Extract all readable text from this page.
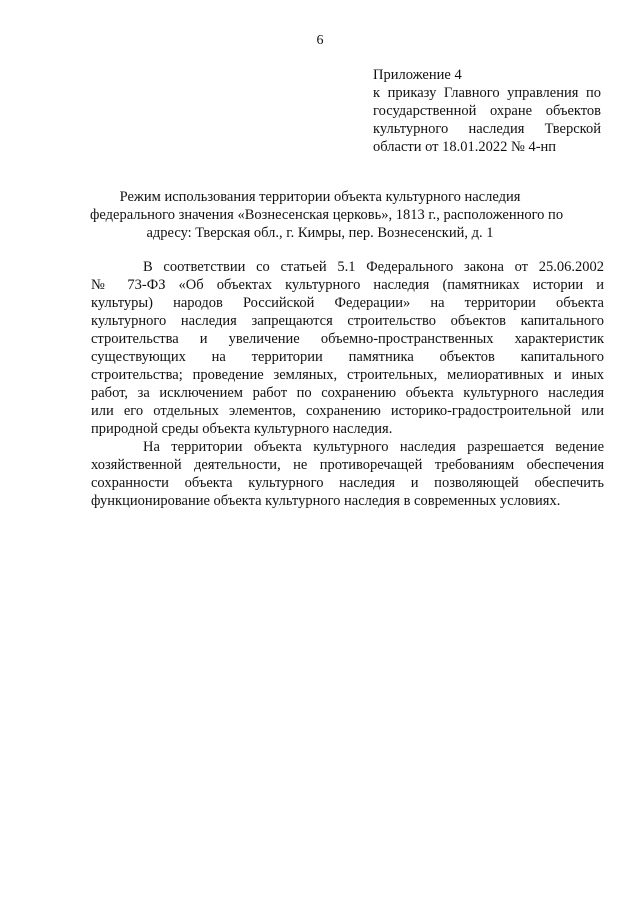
6
Приложение 4
к приказу Главного управления по
государственной охране объектов
культурного наследия Тверской
области от 18.01.2022 № 4-нп
Режим использования территории объекта культурного наследия
федерального значения «Вознесенская церковь», 1813 г., расположенного по
адресу: Тверская обл., г. Кимры, пер. Вознесенский, д. 1
В соответствии со статьей 5.1 Федерального закона от 25.06.2002
№ 73-ФЗ «Об объектах культурного наследия (памятниках истории и
культуры) народов Российской Федерации» на территории объекта
культурного наследия запрещаются строительство объектов капитального
строительства и увеличение объемно-пространственных характеристик
существующих на территории памятника объектов капитального
строительства; проведение земляных, строительных, мелиоративных и иных
работ, за исключением работ по сохранению объекта культурного наследия
или его отдельных элементов, сохранению историко-градостроительной или
природной среды объекта культурного наследия.
На территории объекта культурного наследия разрешается ведение
хозяйственной деятельности, не противоречащей требованиям обеспечения
сохранности объекта культурного наследия и позволяющей обеспечить
функционирование объекта культурного наследия в современных условиях.
